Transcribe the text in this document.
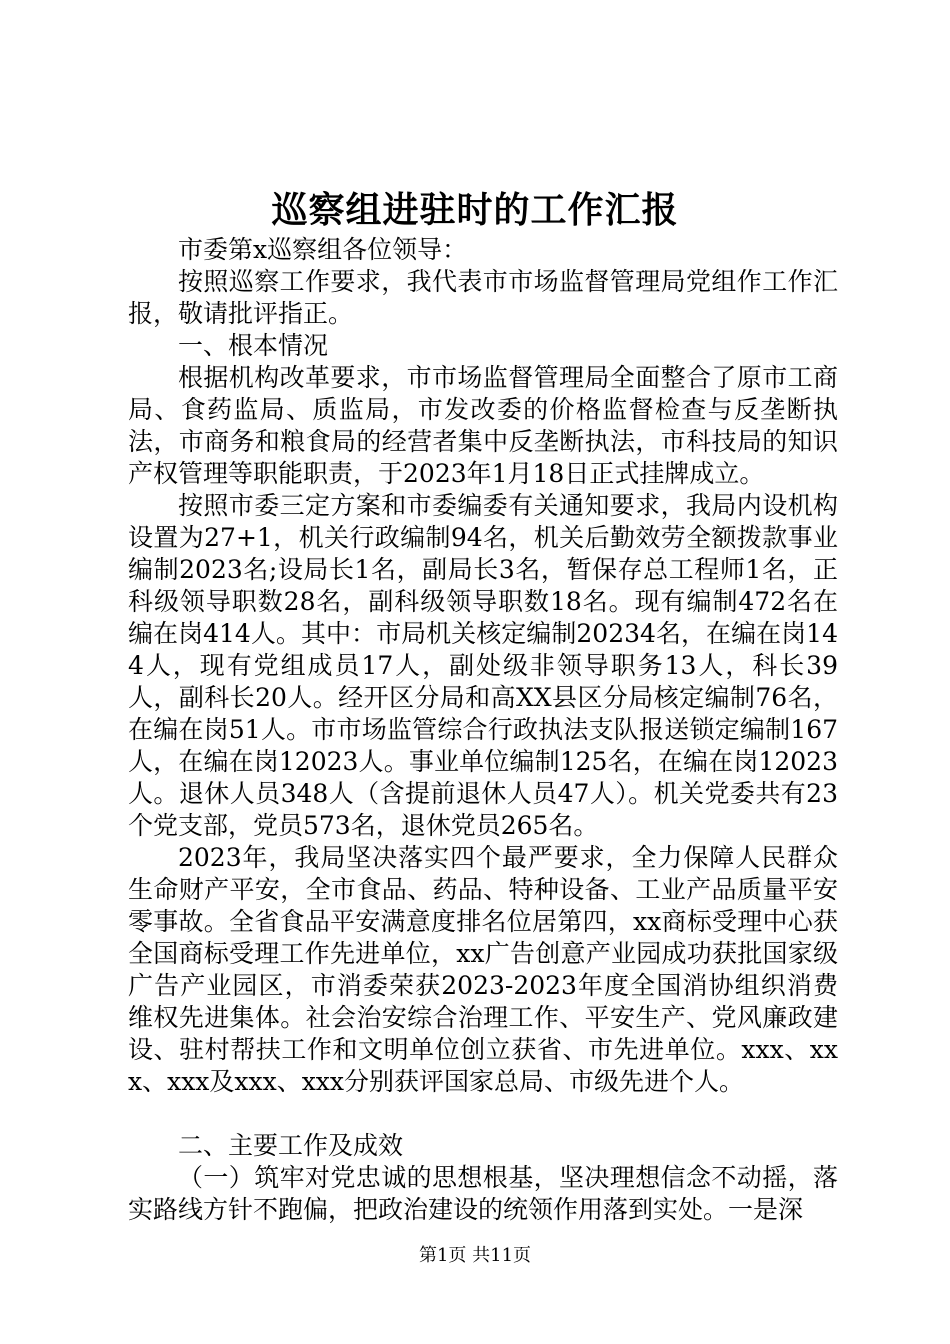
巡察组进驻时的工作汇报

市委第x巡察组各位领导：

按照巡察工作要求，我代表市市场监督管理局党组作工作汇报，敬请批评指正。

一、根本情况

根据机构改革要求，市市场监督管理局全面整合了原市工商局、食药监局、质监局，市发改委的价格监督检查与反垄断执法，市商务和粮食局的经营者集中反垄断执法，市科技局的知识产权管理等职能职责，于2023年1月18日正式挂牌成立。

按照市委三定方案和市委编委有关通知要求，我局内设机构设置为27+1，机关行政编制94名，机关后勤效劳全额拨款事业编制2023名;设局长1名，副局长3名，暂保存总工程师1名，正科级领导职数28名，副科级领导职数18名。现有编制472名在编在岗414人。其中：市局机关核定编制20234名，在编在岗144人，现有党组成员17人，副处级非领导职务13人，科长39人，副科长20人。经开区分局和高XX县区分局核定编制76名，在编在岗51人。市市场监管综合行政执法支队报送锁定编制167人，在编在岗12023人。事业单位编制125名，在编在岗12023人。退休人员348人（含提前退休人员47人）。机关党委共有23个党支部，党员573名，退休党员265名。

2023年，我局坚决落实四个最严要求，全力保障人民群众生命财产平安，全市食品、药品、特种设备、工业产品质量平安零事故。全省食品平安满意度排名位居第四，xx商标受理中心获全国商标受理工作先进单位，xx广告创意产业园成功获批国家级广告产业园区，市消委荣获2023-2023年度全国消协组织消费维权先进集体。社会治安综合治理工作、平安生产、党风廉政建设、驻村帮扶工作和文明单位创立获省、市先进单位。xxx、xxx、xxx及xxx、xxx分别获评国家总局、市级先进个人。

二、主要工作及成效

（一）筑牢对党忠诚的思想根基，坚决理想信念不动摇，落实路线方针不跑偏，把政治建设的统领作用落到实处。一是深

第1页 共11页
